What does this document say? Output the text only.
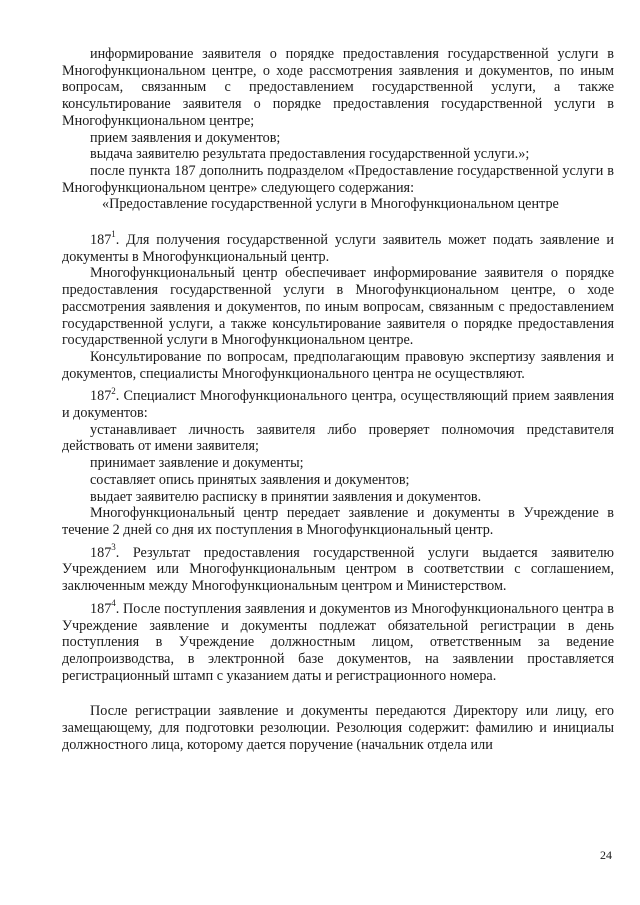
информирование заявителя о порядке предоставления государственной услуги в Многофункциональном центре, о ходе рассмотрения заявления и документов, по иным вопросам, связанным с предоставлением государственной услуги, а также консультирование заявителя о порядке предоставления государственной услуги в Многофункциональном центре;

прием заявления и документов;

выдача заявителю результата предоставления государственной услуги.»;

после пункта 187 дополнить подразделом «Предоставление государственной услуги в Многофункциональном центре» следующего содержания:

«Предоставление государственной услуги в Многофункциональном центре

$187^1$. Для получения государственной услуги заявитель может подать заявление и документы в Многофункциональный центр.

Многофункциональный центр обеспечивает информирование заявителя о порядке предоставления государственной услуги в Многофункциональном центре, о ходе рассмотрения заявления и документов, по иным вопросам, связанным с предоставлением государственной услуги, а также консультирование заявителя о порядке предоставления государственной услуги в Многофункциональном центре.

Консультирование по вопросам, предполагающим правовую экспертизу заявления и документов, специалисты Многофункционального центра не осуществляют.

$187^2$. Специалист Многофункционального центра, осуществляющий прием заявления и документов:

устанавливает личность заявителя либо проверяет полномочия представителя действовать от имени заявителя;

принимает заявление и документы;

составляет опись принятых заявления и документов;

выдает заявителю расписку в принятии заявления и документов.

Многофункциональный центр передает заявление и документы в Учреждение в течение 2 дней со дня их поступления в Многофункциональный центр.

$187^3$. Результат предоставления государственной услуги выдается заявителю Учреждением или Многофункциональным центром в соответствии с соглашением, заключенным между Многофункциональным центром и Министерством.

$187^4$. После поступления заявления и документов из Многофункционального центра в Учреждение заявление и документы подлежат обязательной регистрации в день поступления в Учреждение должностным лицом, ответственным за ведение делопроизводства, в электронной базе документов, на заявлении проставляется регистрационный штамп с указанием даты и регистрационного номера.

После регистрации заявление и документы передаются Директору или лицу, его замещающему, для подготовки резолюции. Резолюция содержит: фамилию и инициалы должностного лица, которому дается поручение (начальник отдела или

24
